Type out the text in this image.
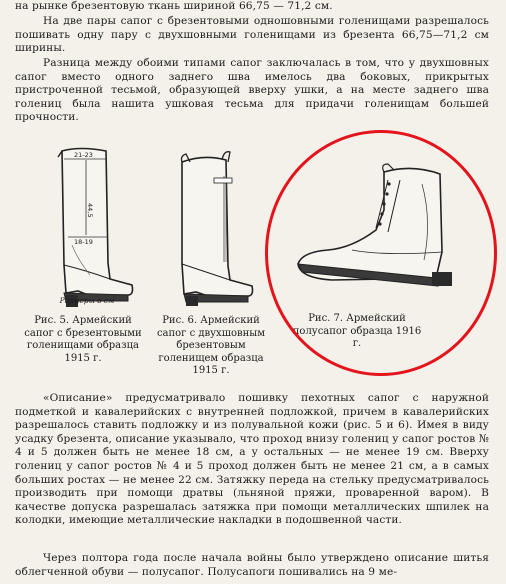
на рынке брезентовую ткань шириной 66,75 — 71,2 см.

На две пары сапог с брезентовыми одношовными голенищами разрешалось пошивать одну пару с двухшовными голенищами из брезента 66,75—71,2 см ширины.

Разница между обоими типами сапог заключалась в том, что у двухшовных сапог вместо одного заднего шва имелось два боковых, прикрытых пристроченной тесьмой, образующей вверху ушки, а на месте заднего шва голениц была нашита ушковая тесьма для придачи голенищам большей прочности.

21-23
44,5
18-19
Размеры в см
Рис. 5. Армейский сапог с брезентовыми голенищами образца 1915 г.
Рис. 6. Армейский сапог с двухшовным брезентовым голенищем образца 1915 г.
Рис. 7. Армейский полусапог образца 1916 г.

«Описание» предусматривало пошивку пехотных сапог с наружной подметкой и кавалерийских с внутренней подложкой, причем в кавалерийских разрешалось ставить подложку и из полувальной кожи (рис. 5 и 6). Имея в виду усадку брезента, описание указывало, что проход внизу голениц у сапог ростов № 4 и 5 должен быть не менее 18 см, а у остальных — не менее 19 см. Вверху голениц у сапог ростов № 4 и 5 проход должен быть не менее 21 см, а в самых больших ростах — не менее 22 см. Затяжку переда на стельку предусматривалось производить при помощи дратвы (льняной пряжи, проваренной варом). В качестве допуска разрешалась затяжка при помощи металлических шпилек на колодки, имеющие металлические накладки в подошвенной части.

Через полтора года после начала войны было утверждено описание шитья облегченной обуви — полусапог. Полусапоги пошивались на 9 ме-
